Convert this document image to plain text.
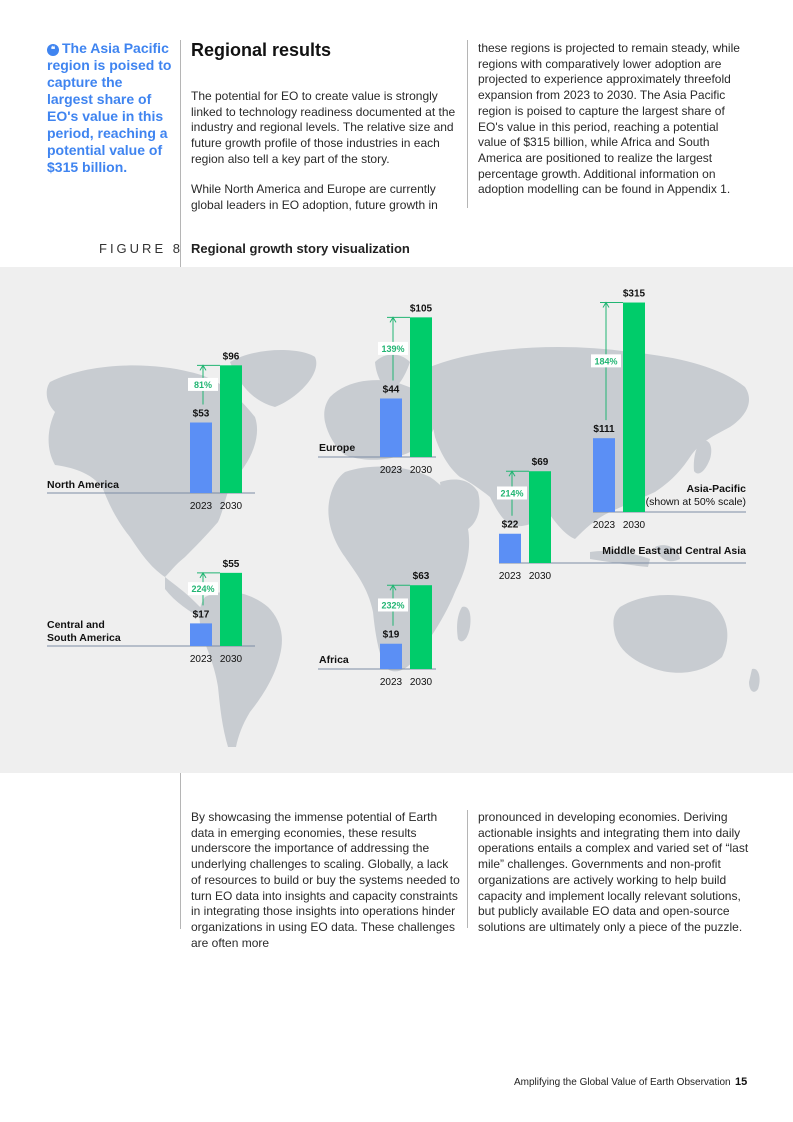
❝ The Asia Pacific region is poised to capture the largest share of EO's value in this period, reaching a potential value of $315 billion.
Regional results
The potential for EO to create value is strongly linked to technology readiness documented at the industry and regional levels. The relative size and future growth profile of those industries in each region also tell a key part of the story.
While North America and Europe are currently global leaders in EO adoption, future growth in
these regions is projected to remain steady, while regions with comparatively lower adoption are projected to experience approximately threefold expansion from 2023 to 2030. The Asia Pacific region is poised to capture the largest share of EO's value in this period, reaching a potential value of $315 billion, while Africa and South America are positioned to realize the largest percentage growth. Additional information on adoption modelling can be found in Appendix 1.
FIGURE 8 Regional growth story visualization
$53
$96
2023 2030
81%
North America
$44
$105
2023 2030
139%
Europe
$111
$315
2023 2030
184%
Asia-Pacific
(shown at 50% scale)
$22
$69
2023 2030
214%
Middle East and Central Asia
$17
$55
2023 2030
224%
Central and
South America	$19
$63
2023 2030
232%
Africa
By showcasing the immense potential of Earth data in emerging economies, these results underscore the importance of addressing the underlying challenges to scaling. Globally, a lack of resources to build or buy the systems needed to turn EO data into insights and capacity constraints in integrating those insights into operations hinder organizations in using EO data. These challenges are often more
pronounced in developing economies. Deriving actionable insights and integrating them into daily operations entails a complex and varied set of “last mile” challenges. Governments and non-profit organizations are actively working to help build capacity and implement locally relevant solutions, but publicly available EO data and open-source solutions are ultimately only a piece of the puzzle.
Amplifying the Global Value of Earth Observation 15
